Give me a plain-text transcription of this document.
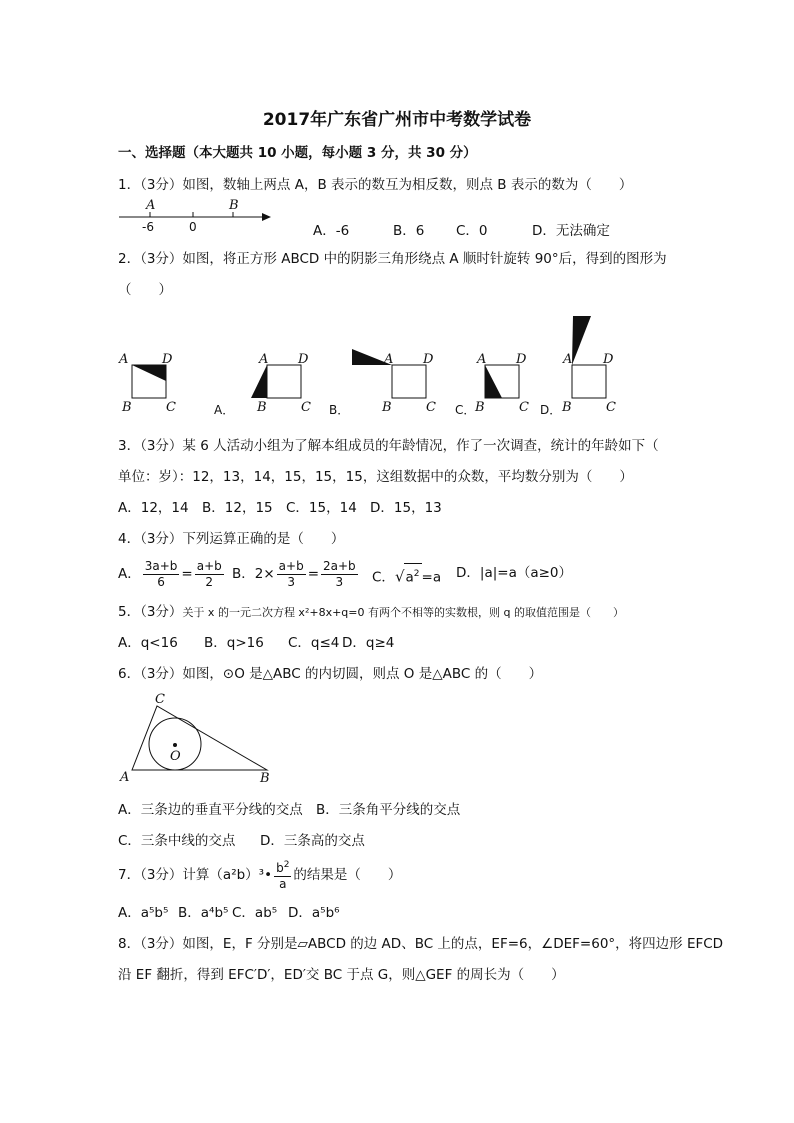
2017年广东省广州市中考数学试卷
一、选择题（本大题共 10 小题，每小题 3 分，共 30 分）
1．（3分）如图，数轴上两点 A，B 表示的数互为相反数，则点 B 表示的数为（　　）
A	B
-6	0	A．-6	B．6 C．0	D．无法确定
2．（3分）如图，将正方形 ABCD 中的阴影三角形绕点 A 顺时针旋转 90°后，得到的图形为
（　　）
A	D
B	C
A D
B	C
A．
A D
B	C
B．
A D
B	C
C．
A D
B	C
D．
3．（3分）某 6 人活动小组为了解本组成员的年龄情况，作了一次调查，统计的年龄如下（
单位：岁）：12，13，14，15，15，15，这组数据中的众数，平均数分别为（　　）
A．12，14 B．12，15 C．15，14 D．15，13
4．（3分）下列运算正确的是（　　）
A． $\frac{3a+b}{6} = \frac{a+b}{2}$ B．$2\times \frac{a+b}{3} = \frac{2a+b}{3}$ C．$√a^2 =a$ D．|a|=a（a≥0）
5．（3分）关于 x 的一元二次方程 x²+8x+q=0 有两个不相等的实数根，则 q 的取值范围是（　　）
A．q<16 B．q>16 C．q≤4 D．q≥4
6．（3分）如图，⊙O 是△ABC 的内切圆，则点 O 是△ABC 的（　　）
C
A	B
O
A．三条边的垂直平分线的交点 B．三条角平分线的交点
C．三条中线的交点 D．三条高的交点
7．（3分）计算（a²b）³• $\frac{b^2}{a}$ 的结果是（　　）
A．a⁵b⁵ B．a⁴b⁵ C．ab⁵ D．a⁵b⁶
8．（3分）如图，E，F 分别是▱ABCD 的边 AD、BC 上的点，EF=6，∠DEF=60°，将四边形 EFCD
沿 EF 翻折，得到 EFC′D′，ED′交 BC 于点 G，则△GEF 的周长为（　　）
